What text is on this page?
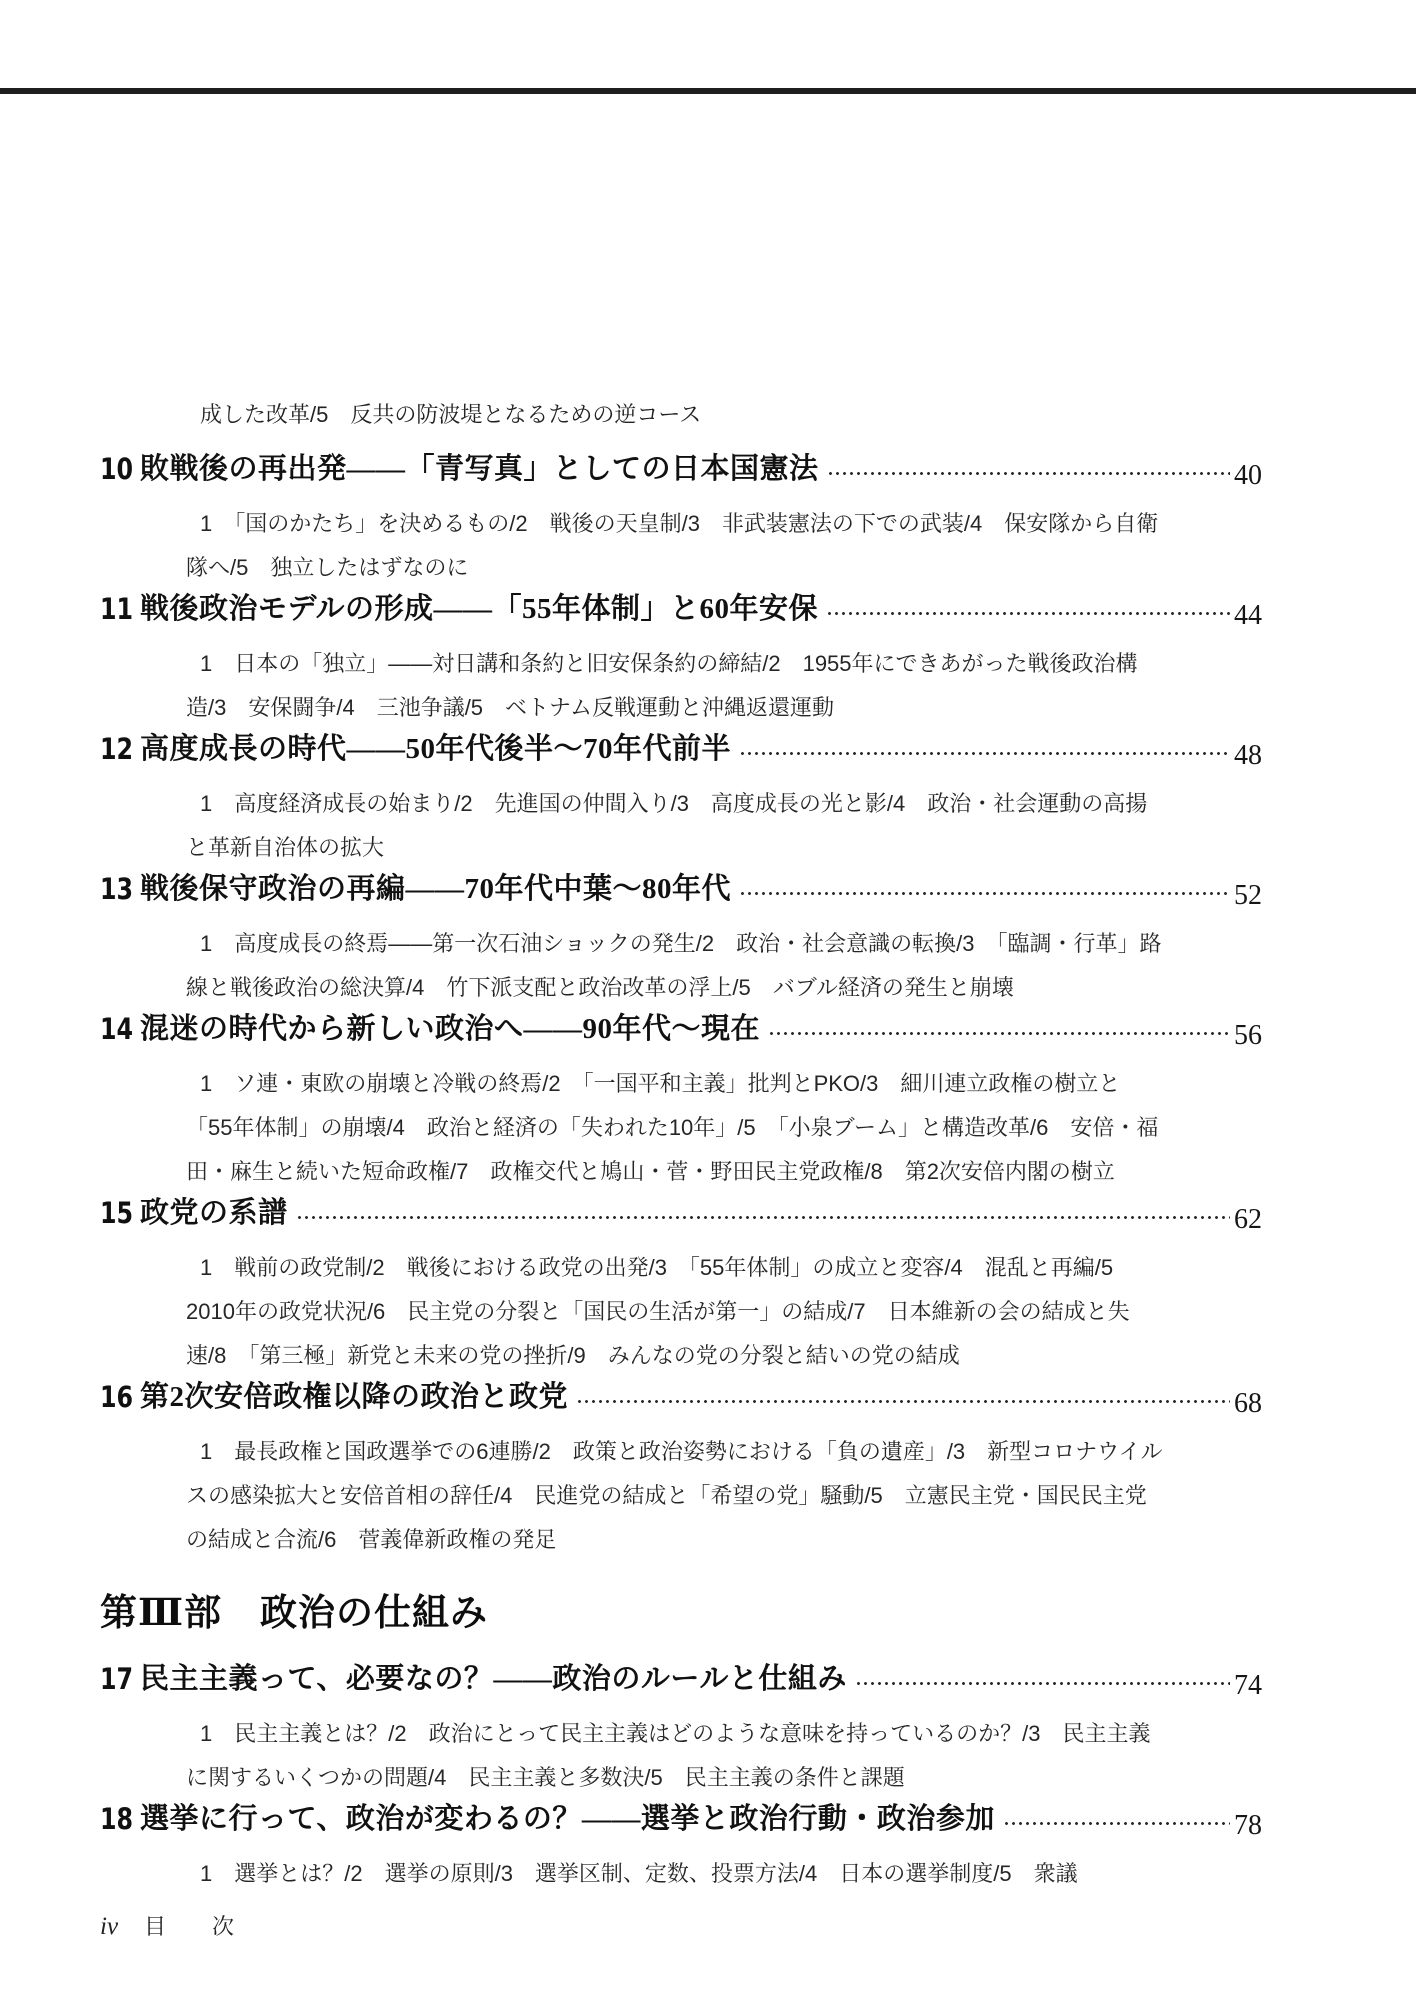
成した改革/5　反共の防波堤となるための逆コース
10 敗戦後の再出発——「青写真」としての日本国憲法	40
1　「国のかたち」を決めるもの/2　戦後の天皇制/3　非武装憲法の下での武装/4　保安隊から自衛隊へ/5　独立したはずなのに
11 戦後政治モデルの形成——「55年体制」と60年安保	44
1　日本の「独立」——対日講和条約と旧安保条約の締結/2　1955年にできあがった戦後政治構造/3　安保闘争/4　三池争議/5　ベトナム反戦運動と沖縄返還運動
12 高度成長の時代——50年代後半〜70年代前半	48
1　高度経済成長の始まり/2　先進国の仲間入り/3　高度成長の光と影/4　政治・社会運動の高揚と革新自治体の拡大
13 戦後保守政治の再編——70年代中葉〜80年代	52
1　高度成長の終焉——第一次石油ショックの発生/2　政治・社会意識の転換/3　「臨調・行革」路線と戦後政治の総決算/4　竹下派支配と政治改革の浮上/5　バブル経済の発生と崩壊
14 混迷の時代から新しい政治へ——90年代〜現在	56
1　ソ連・東欧の崩壊と冷戦の終焉/2　「一国平和主義」批判とPKO/3　細川連立政権の樹立と「55年体制」の崩壊/4　政治と経済の「失われた10年」/5　「小泉ブーム」と構造改革/6　安倍・福田・麻生と続いた短命政権/7　政権交代と鳩山・菅・野田民主党政権/8　第2次安倍内閣の樹立
15 政党の系譜	62
1　戦前の政党制/2　戦後における政党の出発/3　「55年体制」の成立と変容/4　混乱と再編/5　2010年の政党状況/6　民主党の分裂と「国民の生活が第一」の結成/7　日本維新の会の結成と失速/8　「第三極」新党と未来の党の挫折/9　みんなの党の分裂と結いの党の結成
16 第2次安倍政権以降の政治と政党	68
1　最長政権と国政選挙での6連勝/2　政策と政治姿勢における「負の遺産」/3　新型コロナウイルスの感染拡大と安倍首相の辞任/4　民進党の結成と「希望の党」騒動/5　立憲民主党・国民民主党の結成と合流/6　菅義偉新政権の発足
第Ⅲ部　政治の仕組み
17 民主主義って、必要なの？——政治のルールと仕組み	74
1　民主主義とは？/2　政治にとって民主主義はどのような意味を持っているのか？/3　民主主義に関するいくつかの問題/4　民主主義と多数決/5　民主主義の条件と課題
18 選挙に行って、政治が変わるの？——選挙と政治行動・政治参加	78
1　選挙とは？/2　選挙の原則/3　選挙区制、定数、投票方法/4　日本の選挙制度/5　衆議
iv 目　次
